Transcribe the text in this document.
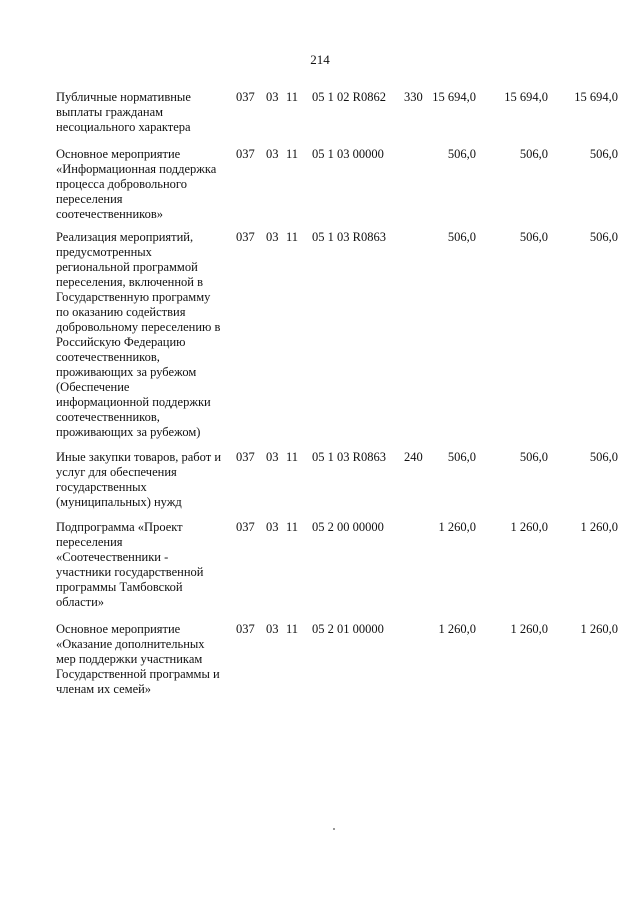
214
Публичные нормативные
выплаты гражданам
несоциального характера
037 03 11	05 1 02 R0862	330 15 694,0	15 694,0	15 694,0
Основное мероприятие
«Информационная поддержка
процесса добровольного
переселения
соотечественников»
037 03 11	05 1 03 00000	506,0	506,0	506,0
Реализация мероприятий,
предусмотренных
региональной программой
переселения, включенной в
Государственную программу
по оказанию содействия
добровольному переселению в
Российскую Федерацию
соотечественников,
проживающих за рубежом
(Обеспечение
информационной поддержки
соотечественников,
проживающих за рубежом)
037 03 11	05 1 03 R0863	506,0	506,0	506,0
Иные закупки товаров, работ и
услуг для обеспечения
государственных
(муниципальных) нужд
037 03 11	05 1 03 R0863	240	506,0	506,0	506,0
Подпрограмма «Проект
переселения
«Соотечественники -
участники государственной
программы Тамбовской
области»
037 03 11	05 2 00 00000	1 260,0	1 260,0	1 260,0
Основное мероприятие
«Оказание дополнительных
мер поддержки участникам
Государственной программы и
членам их семей»
037 03 11	05 2 01 00000	1 260,0	1 260,0	1 260,0
